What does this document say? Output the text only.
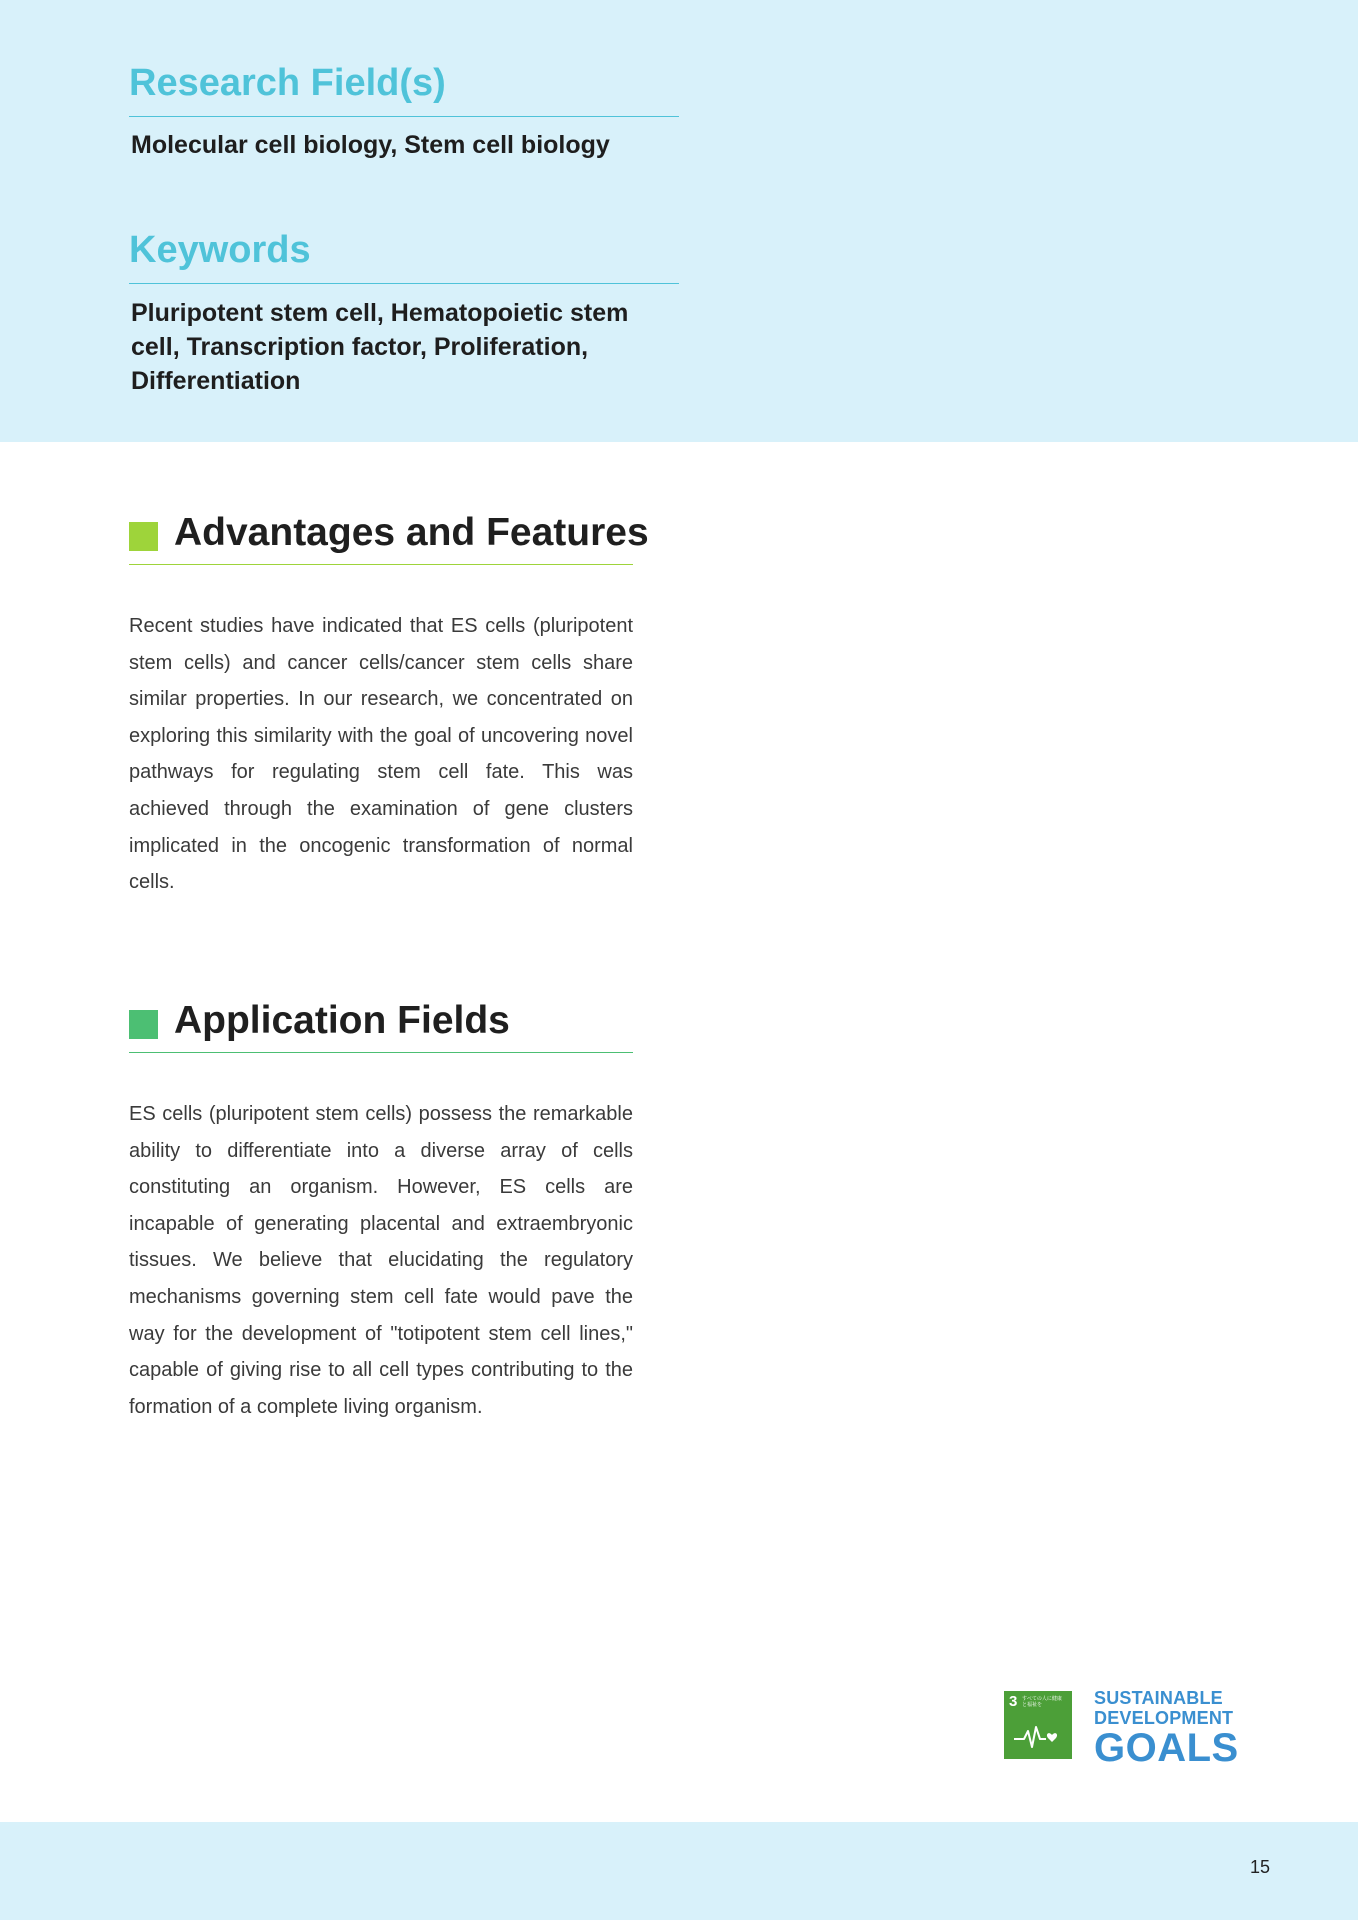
Research Field(s)

Molecular cell biology, Stem cell biology

Keywords

Pluripotent stem cell, Hematopoietic stem cell, Transcription factor, Proliferation, Differentiation

Advantages and Features

Recent studies have indicated that ES cells (pluripotent stem cells) and cancer cells/cancer stem cells share similar properties. In our research, we concentrated on exploring this similarity with the goal of uncovering novel pathways for regulating stem cell fate. This was achieved through the examination of gene clusters implicated in the oncogenic transformation of normal cells.

Application Fields

ES cells (pluripotent stem cells) possess the remarkable ability to differentiate into a diverse array of cells constituting an organism. However, ES cells are incapable of generating placental and extraembryonic tissues. We believe that elucidating the regulatory mechanisms governing stem cell fate would pave the way for the development of "totipotent stem cell lines," capable of giving rise to all cell types contributing to the formation of a complete living organism.

3 すべての人に健康と福祉を	SUSTAINABLE
DEVELOPMENT
GOALS
15
